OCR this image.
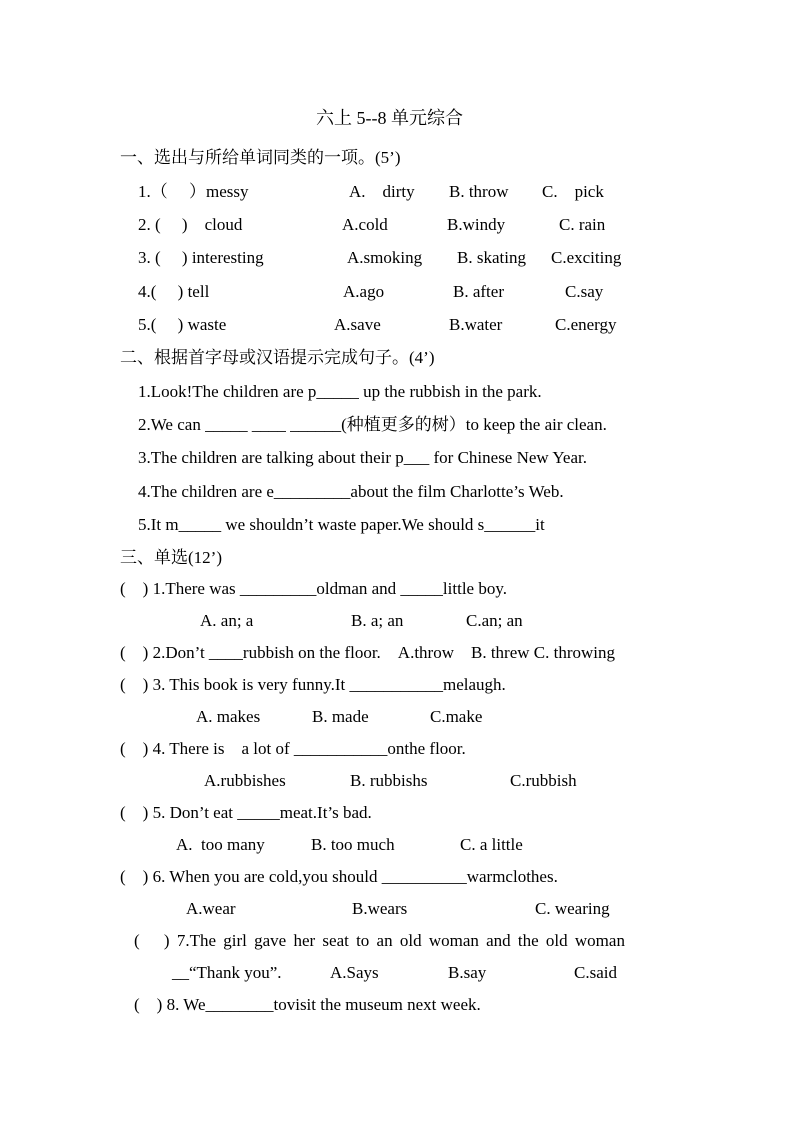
六上 5--8 单元综合
一、选出与所给单词同类的一项。(5’)
1.（　 ）messy	A.　dirty B. throw C.　pick
2. (　 )　cloud	A.cold	B.windy	C. rain
3. (　 ) interesting	A.smoking B. skating C.exciting
4.(　 ) tell	A.ago	B. after	C.say
5.(　 ) waste	A.save	B.water	C.energy
二、根据首字母或汉语提示完成句子。(4’)
1.Look!The children are p_____ up the rubbish in the park.
2.We can _____ ____ ______(种植更多的树）to keep the air clean.
3.The children are talking about their p___ for Chinese New Year.
4.The children are e_________about the film Charlotte’s Web.
5.It m_____ we shouldn’t waste paper.We should s______it
三、单选(12’)
(　) 1.There was _________oldman and _____little boy.
A. an; a	B. a; an	C.an; an
(　) 2.Don’t ____rubbish on the floor.　A.throw　B. threw C. throwing
(　) 3. This book is very funny.It ___________melaugh.
A. makes	B. made	C.make
(　) 4. There is　a lot of ___________onthe floor.
A.rubbishes	B. rubbishs	C.rubbish
(　) 5. Don’t eat _____meat.It’s bad.
A.  too many	B. too much	C. a little
(　) 6. When you are cold,you should __________warmclothes.
A.wear	B.wears	C. wearing
(　 ) 7.The girl gave her seat to an old woman and the old woman
__“Thank you”.	A.Says	B.say	C.said
(　) 8. We________tovisit the museum next week.
